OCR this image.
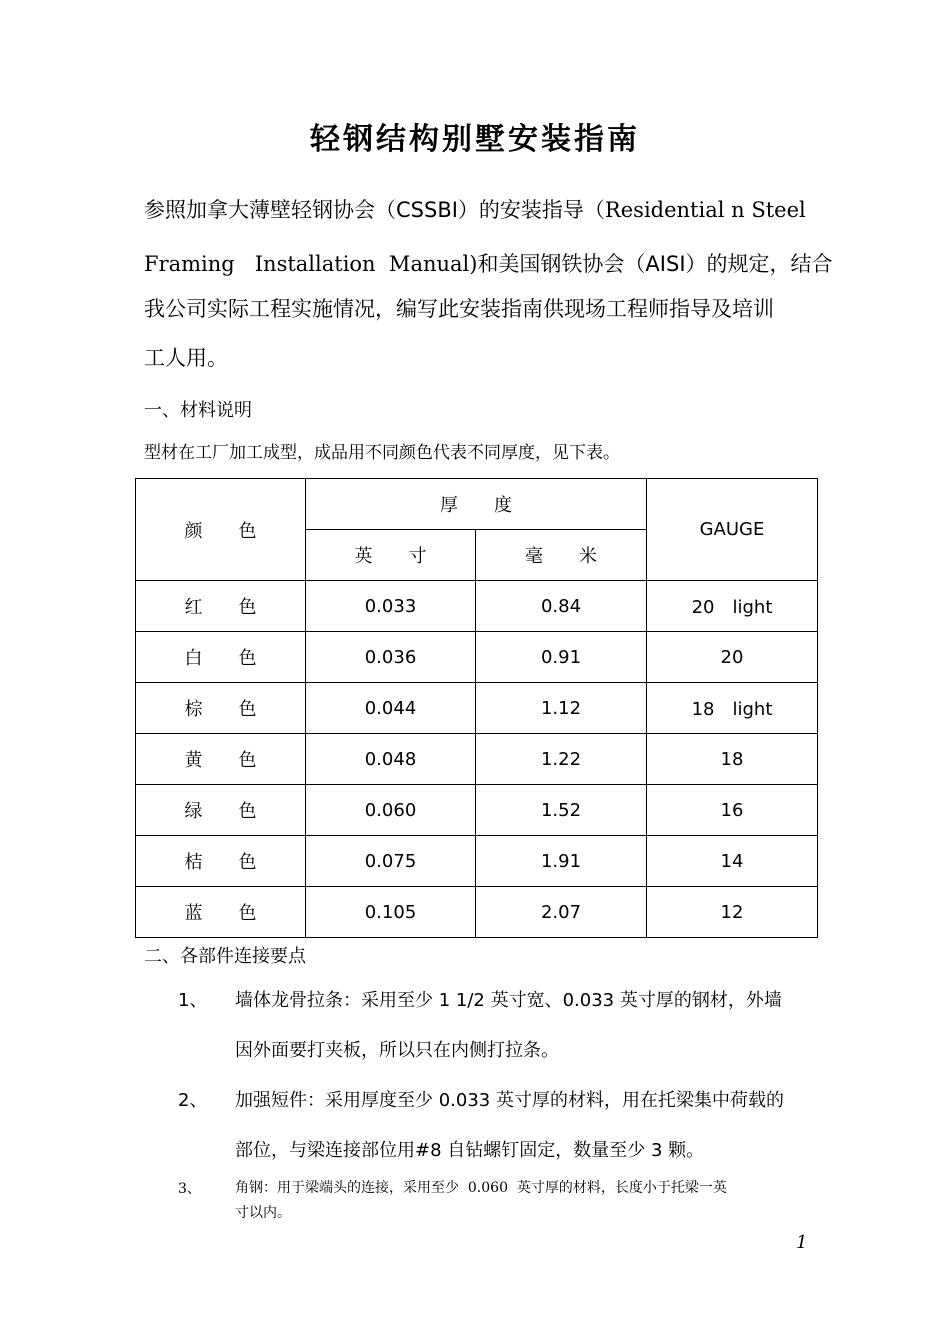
轻钢结构别墅安装指南
参照加拿大薄壁轻钢协会（CSSBI）的安装指导（Residential n Steel
Framing   Installation  Manual)和美国钢铁协会（AISI）的规定，结合
我公司实际工程实施情况，编写此安装指南供现场工程师指导及培训
工人用。
一、材料说明
型材在工厂加工成型，成品用不同颜色代表不同厚度，见下表。
颜　　色	厚　　度		GAUGE
	英　　寸	毫　　米	
红　　色	0.033	0.84	20　light
白　　色	0.036	0.91	20
棕　　色	0.044	1.12	18　light
黄　　色	0.048	1.22	18
绿　　色	0.060	1.52	16
桔　　色	0.075	1.91	14
蓝　　色	0.105	2.07	12
二、各部件连接要点
1、 墙体龙骨拉条：采用至少 1 1/2 英寸宽、0.033 英寸厚的钢材，外墙
因外面要打夹板，所以只在内侧打拉条。
2、 加强短件：采用厚度至少 0.033 英寸厚的材料，用在托梁集中荷载的
部位，与梁连接部位用#8 自钻螺钉固定，数量至少 3 颗。
3、 角钢：用于梁端头的连接，采用至少  0.060  英寸厚的材料，长度小于托梁一英
寸以内。
1
